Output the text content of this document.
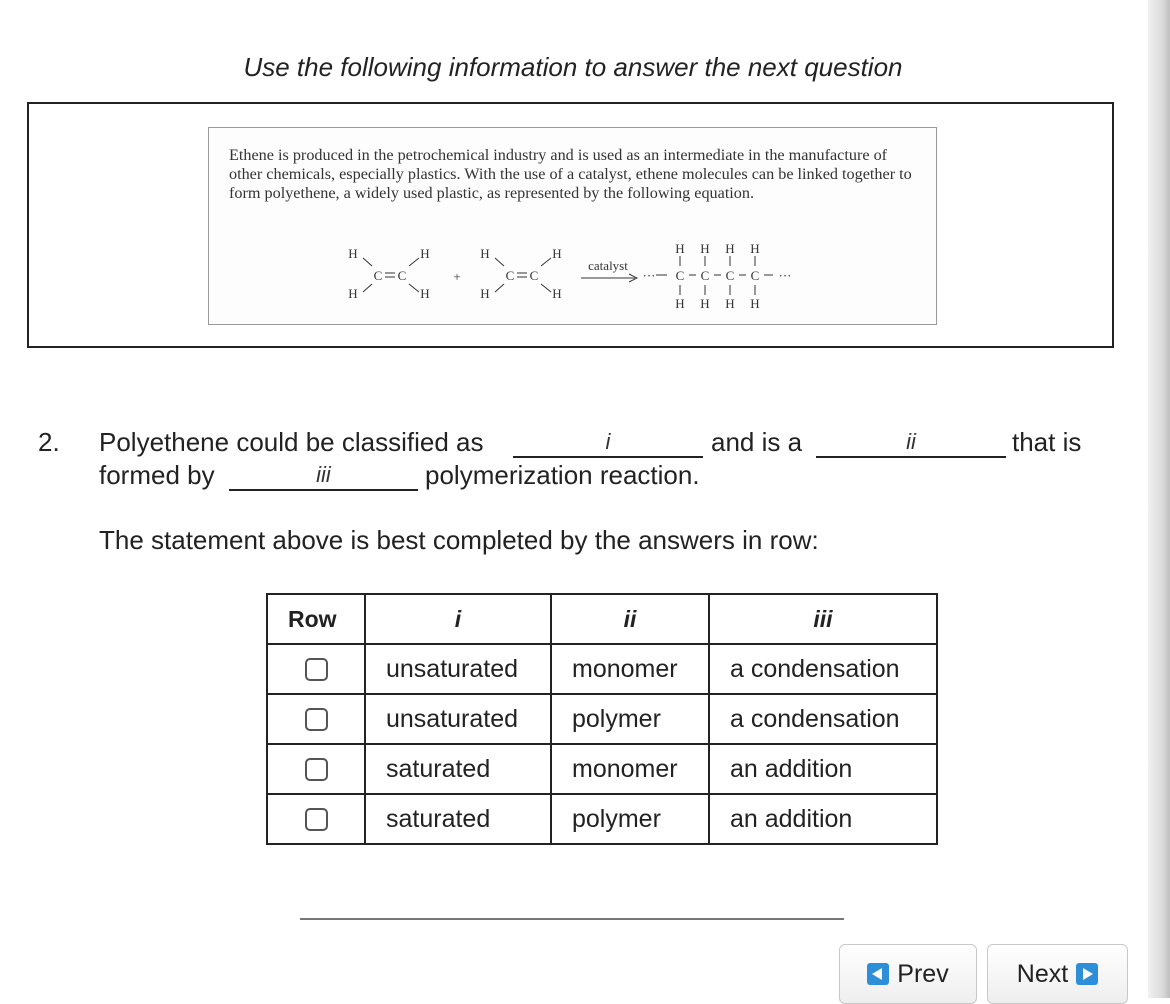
Use the following information to answer the next question
Ethene is produced in the petrochemical industry and is used as an intermediate in the manufacture of other chemicals, especially plastics. With the use of a catalyst, ethene molecules can be linked together to form polyethene, a widely used plastic, as represented by the following equation.
H	H
H	H
C C	+
H	H
H	H
C C
catalyst
···
H H H H
C C C C
H H H H
···
2. Polyethene could be classified as	i	and is a	ii	that is
formed by	iii	polymerization reaction.
The statement above is best completed by the answers in row:
Row	i	ii	iii
	unsaturated	monomer	a condensation
	unsaturated	polymer	a condensation
	saturated	monomer	an addition
	saturated	polymer	an addition
Prev	Next
